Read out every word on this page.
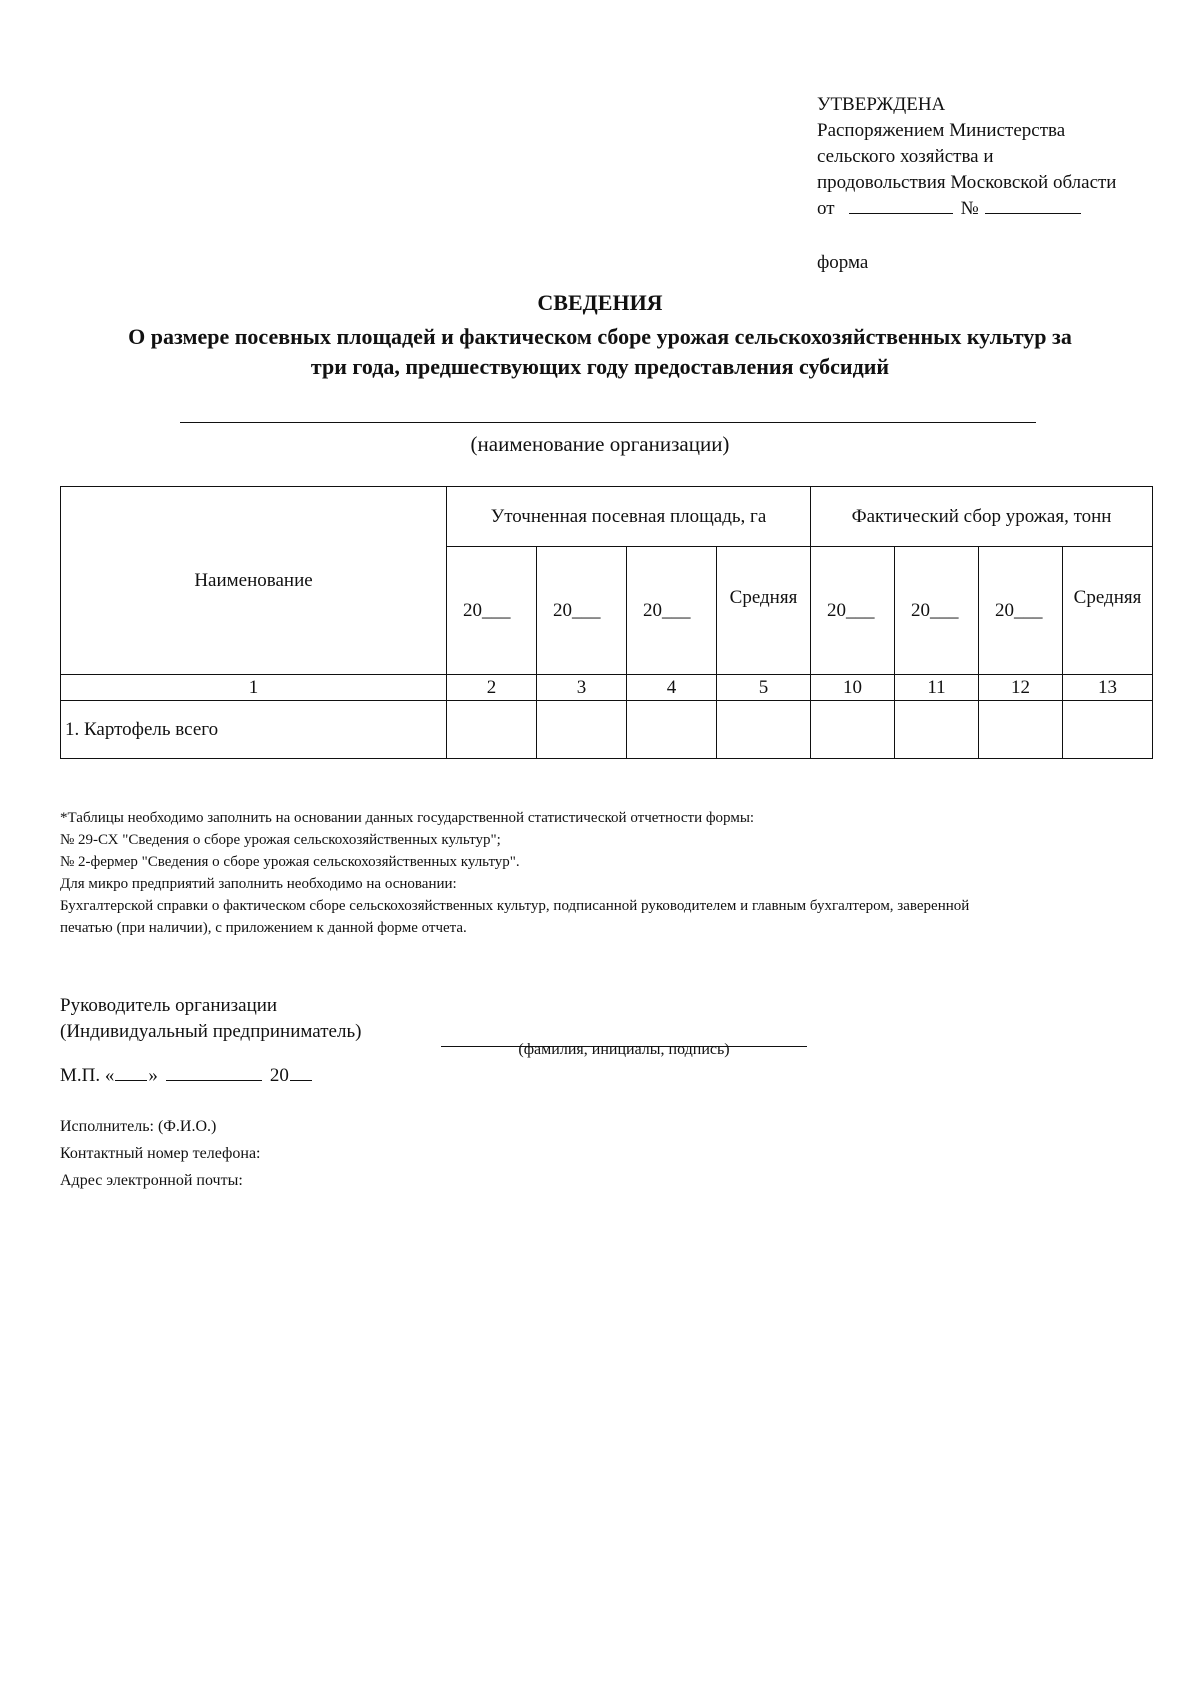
УТВЕРЖДЕНА
Распоряжением Министерства
сельского хозяйства и
продовольствия Московской области
от	№
форма
СВЕДЕНИЯ
О размере посевных площадей и фактическом сборе урожая сельскохозяйственных культур за
три года, предшествующих году предоставления субсидий
(наименование организации)
Наименование	Уточненная посевная площадь, га				Фактический сбор урожая, тонн			
	20___	20___	20___	Средняя	20___	20___	20___	Средняя
1	2	3	4	5	10	11	12	13
1. Картофель всего								
*Таблицы необходимо заполнить на основании данных государственной статистической отчетности формы:
№ 29-СХ "Сведения о сборе урожая сельскохозяйственных культур";
№ 2-фермер "Сведения о сборе урожая сельскохозяйственных культур".
Для микро предприятий заполнить необходимо на основании:
Бухгалтерской справки о фактическом сборе сельскохозяйственных культур, подписанной руководителем и главным бухгалтером, заверенной
печатью (при наличии), с приложением к данной форме отчета.
Руководитель организации
(Индивидуальный предприниматель)
(фамилия, инициалы, подпись)
М.П. « »	20
Исполнитель: (Ф.И.О.)
Контактный номер телефона:
Адрес электронной почты:
